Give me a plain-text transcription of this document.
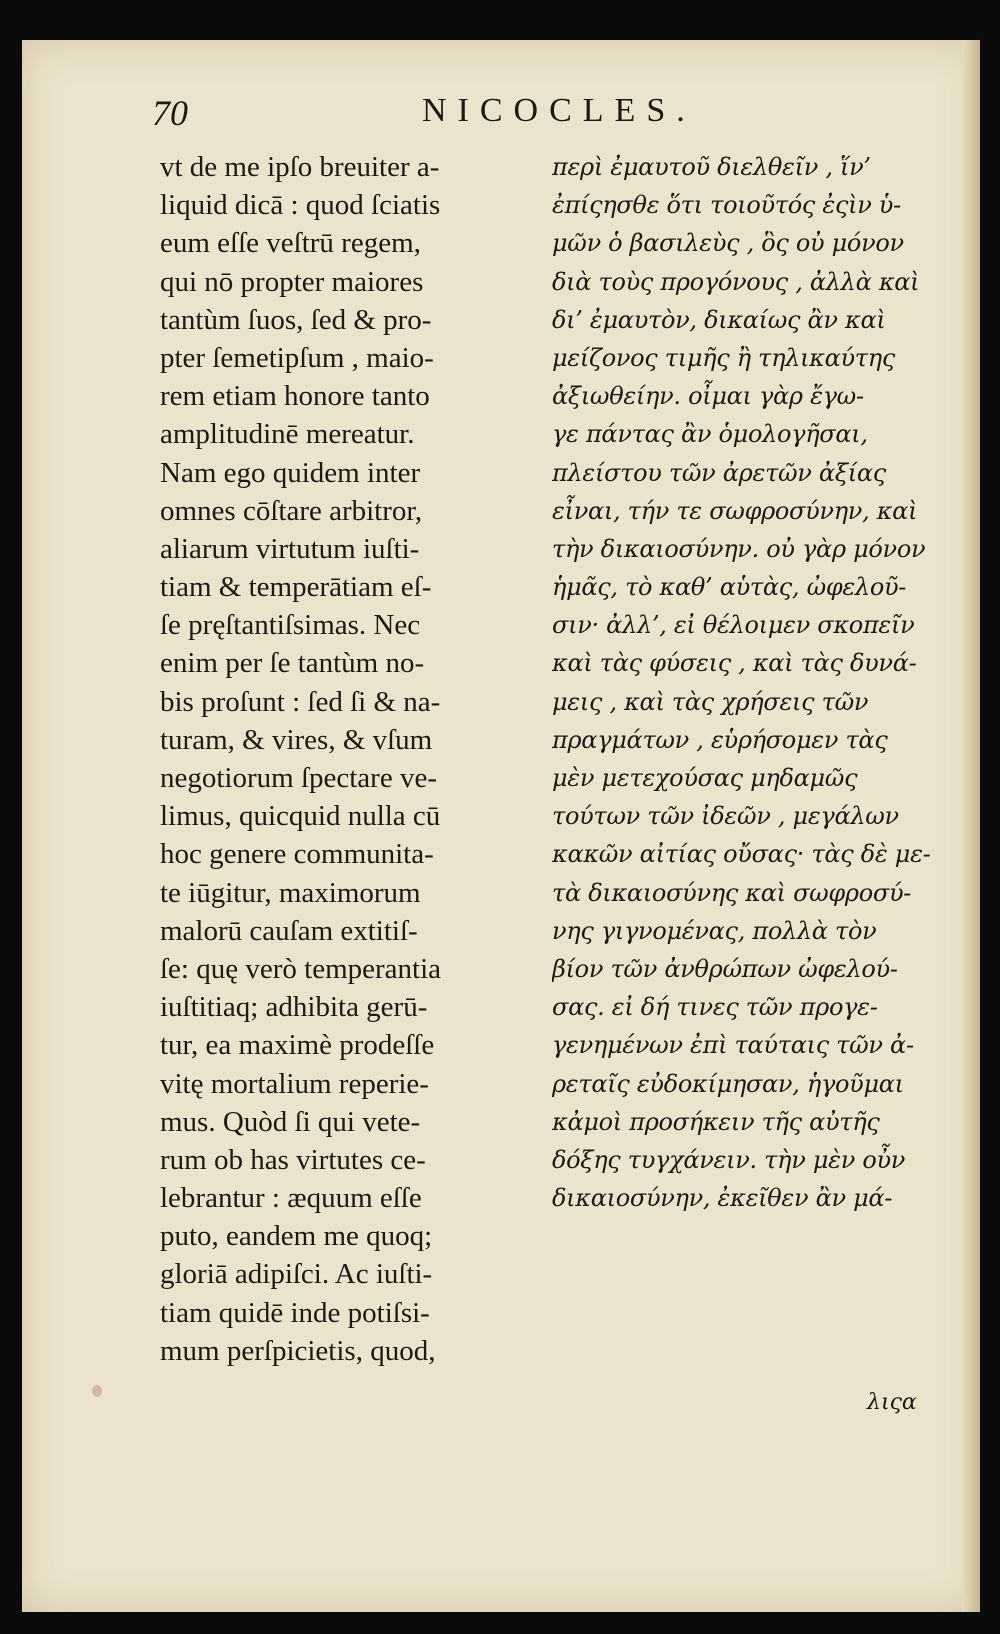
70	NICOCLES.
vt de me ipſo breuiter a-
liquid dicā : quod ſciatis
eum eſſe veſtrū regem,
qui nō propter maiores
tantùm ſuos, ſed & pro-
pter ſemetipſum , maio-
rem etiam honore tanto
amplitudinē mereatur.
Nam ego quidem inter
omnes cōſtare arbitror,
aliarum virtutum iuſti-
tiam & temperātiam eſ-
ſe pręſtantiſsimas. Nec
enim per ſe tantùm no-
bis proſunt : ſed ſi & na-
turam, & vires, & vſum
negotiorum ſpectare ve-
limus, quicquid nulla cū
hoc genere communita-
te iūgitur, maximorum
malorū cauſam extitiſ-
ſe: quę verò temperantia
iuſtitiaq; adhibita gerū-
tur, ea maximè prodeſſe
vitę mortalium reperie-
mus. Quòd ſi qui vete-
rum ob has virtutes ce-
lebrantur : æquum eſſe
puto, eandem me quoq;
gloriā adipiſci. Ac iuſti-
tiam quidē inde potiſsi-
mum perſpicietis, quod,
περὶ ἐμαυτοῦ διελθεῖν , ἵν’
ἐπίςησθε ὅτι τοιοῦτός ἐςὶν ὑ-
μῶν ὁ βασιλεὺς , ὃς οὐ μόνον
διὰ τοὺς προγόνους , ἀλλὰ καὶ
δι’ ἐμαυτὸν, δικαίως ἂν καὶ
μείζονος τιμῆς ἢ τηλικαύτης
ἀξιωθείην. οἶμαι γὰρ ἔγω-
γε πάντας ἂν ὁμολογῆσαι,
πλείστου τῶν ἀρετῶν ἀξίας
εἶναι, τήν τε σωφροσύνην, καὶ
τὴν δικαιοσύνην. οὐ γὰρ μόνον
ἡμᾶς, τὸ καθ’ αὑτὰς, ὠφελοῦ-
σιν· ἀλλ’, εἰ θέλοιμεν σκοπεῖν
καὶ τὰς φύσεις , καὶ τὰς δυνά-
μεις , καὶ τὰς χρήσεις τῶν
πραγμάτων , εὑρήσομεν τὰς
μὲν μετεχούσας μηδαμῶς
τούτων τῶν ἰδεῶν , μεγάλων
κακῶν αἰτίας οὔσας· τὰς δὲ με-
τὰ δικαιοσύνης καὶ σωφροσύ-
νης γιγνομένας, πολλὰ τὸν
βίον τῶν ἀνθρώπων ὠφελού-
σας. εἰ δή τινες τῶν προγε-
γενημένων ἐπὶ ταύταις τῶν ἀ-
ρεταῖς εὐδοκίμησαν, ἡγοῦμαι
κἀμοὶ προσήκειν τῆς αὐτῆς
δόξης τυγχάνειν. τὴν μὲν οὖν
δικαιοσύνην, ἐκεῖθεν ἂν μά-
λιςα
